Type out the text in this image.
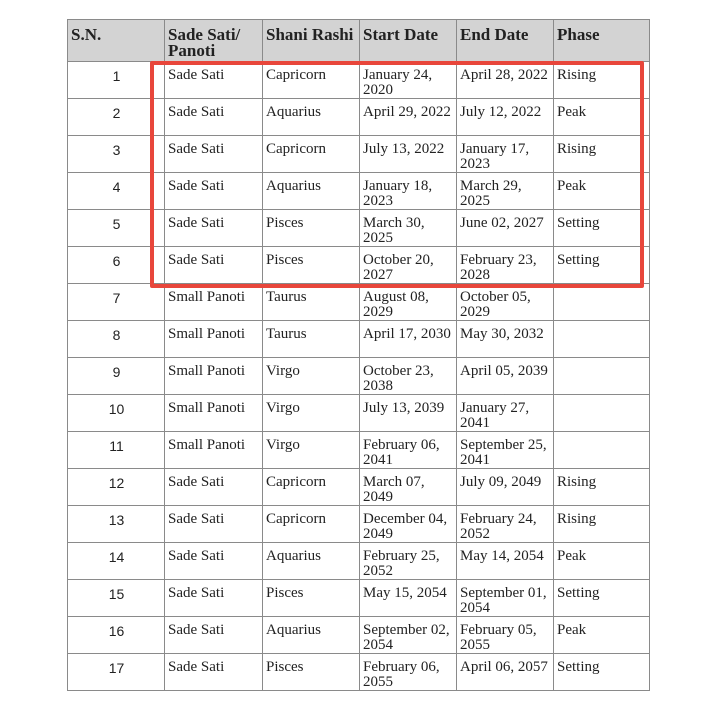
S.N.	Sade Sati/ Panoti	Shani Rashi	Start Date	End Date	Phase
1	Sade Sati	Capricorn	January 24, 2020	April 28, 2022	Rising
2	Sade Sati	Aquarius	April 29, 2022	July 12, 2022	Peak
3	Sade Sati	Capricorn	July 13, 2022	January 17, 2023	Rising
4	Sade Sati	Aquarius	January 18, 2023	March 29, 2025	Peak
5	Sade Sati	Pisces	March 30, 2025	June 02, 2027	Setting
6	Sade Sati	Pisces	October 20, 2027	February 23, 2028	Setting
7	Small Panoti	Taurus	August 08, 2029	October 05, 2029	
8	Small Panoti	Taurus	April 17, 2030	May 30, 2032	
9	Small Panoti	Virgo	October 23, 2038	April 05, 2039	
10	Small Panoti	Virgo	July 13, 2039	January 27, 2041	
11	Small Panoti	Virgo	February 06, 2041	September 25, 2041	
12	Sade Sati	Capricorn	March 07, 2049	July 09, 2049	Rising
13	Sade Sati	Capricorn	December 04, 2049	February 24, 2052	Rising
14	Sade Sati	Aquarius	February 25, 2052	May 14, 2054	Peak
15	Sade Sati	Pisces	May 15, 2054	September 01, 2054	Setting
16	Sade Sati	Aquarius	September 02, 2054	February 05, 2055	Peak
17	Sade Sati	Pisces	February 06, 2055	April 06, 2057	Setting
